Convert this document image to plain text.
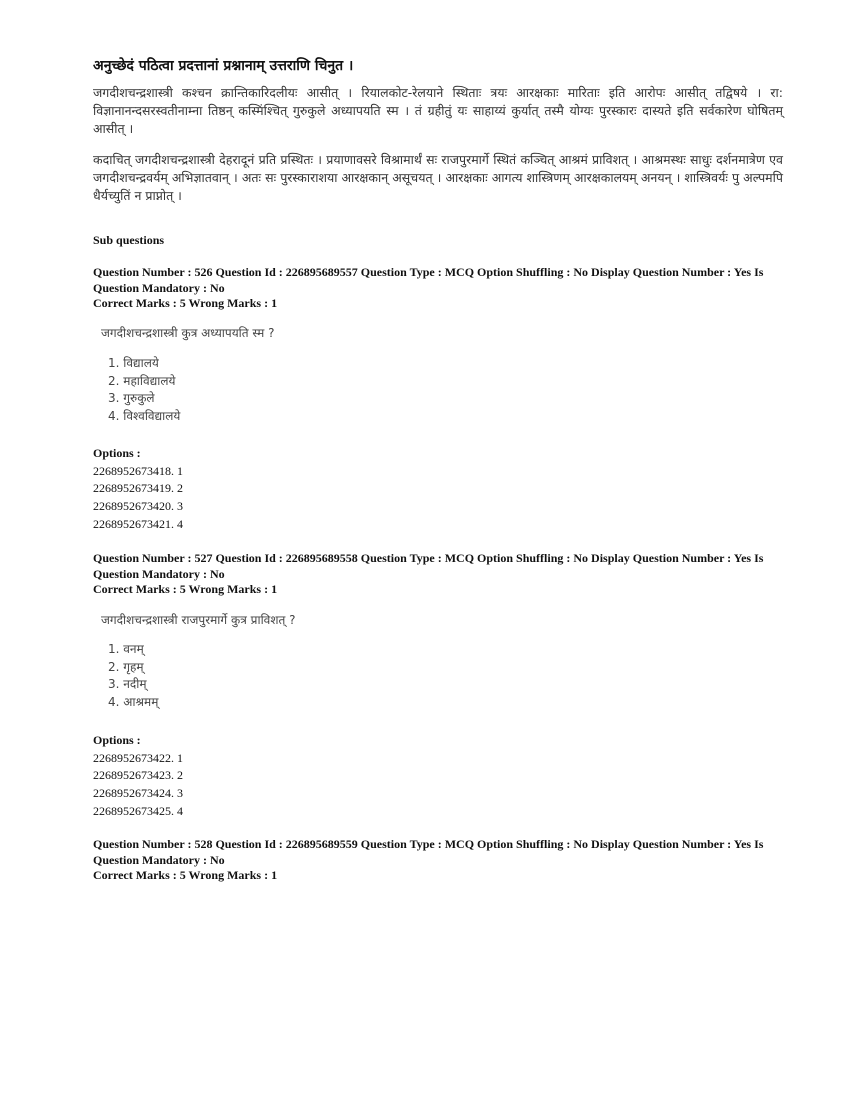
अनुच्छेदं पठित्वा प्रदत्तानां प्रश्नानाम् उत्तराणि चिनुत ।
जगदीशचन्द्रशास्त्री कश्चन क्रान्तिकारिदलीयः आसीत् । रियालकोट-रेलयाने स्थिताः त्रयः आरक्षकाः मारिताः इति आरोपः आसीत् तद्विषये । रा: विज्ञानानन्दसरस्वतीनाम्ना तिष्ठन् कस्मिंश्चित् गुरुकुले अध्यापयति स्म । तं ग्रहीतुं यः साहाय्यं कुर्यात् तस्मै योग्यः पुरस्कारः दास्यते इति सर्वकारेण घोषितम् आसीत् ।
कदाचित् जगदीशचन्द्रशास्त्री देहरादूनं प्रति प्रस्थितः । प्रयाणावसरे विश्रामार्थं सः राजपुरमार्गे स्थितं कञ्चित् आश्रमं प्राविशत् । आश्रमस्थः साधुः दर्शनमात्रेण एव जगदीशचन्द्रवर्यम् अभिज्ञातवान् । अतः सः पुरस्काराशया आरक्षकान् असूचयत् । आरक्षकाः आगत्य शास्त्रिणम् आरक्षकालयम् अनयन् । शास्त्रिवर्यः पु अल्पमपि धैर्यच्युतिं न प्राप्नोत् ।
Sub questions
Question Number : 526 Question Id : 226895689557 Question Type : MCQ Option Shuffling : No Display Question Number : Yes Is Question Mandatory : No
Correct Marks : 5 Wrong Marks : 1
जगदीशचन्द्रशास्त्री कुत्र अध्यापयति स्म ?
1. विद्यालये
2. महाविद्यालये
3. गुरुकुले
4. विश्वविद्यालये
Options :
2268952673418. 1
2268952673419. 2
2268952673420. 3
2268952673421. 4
Question Number : 527 Question Id : 226895689558 Question Type : MCQ Option Shuffling : No Display Question Number : Yes Is Question Mandatory : No
Correct Marks : 5 Wrong Marks : 1
जगदीशचन्द्रशास्त्री राजपुरमार्गे कुत्र प्राविशत् ?
1. वनम्
2. गृहम्
3. नदीम्
4. आश्रमम्
Options :
2268952673422. 1
2268952673423. 2
2268952673424. 3
2268952673425. 4
Question Number : 528 Question Id : 226895689559 Question Type : MCQ Option Shuffling : No Display Question Number : Yes Is Question Mandatory : No
Correct Marks : 5 Wrong Marks : 1
